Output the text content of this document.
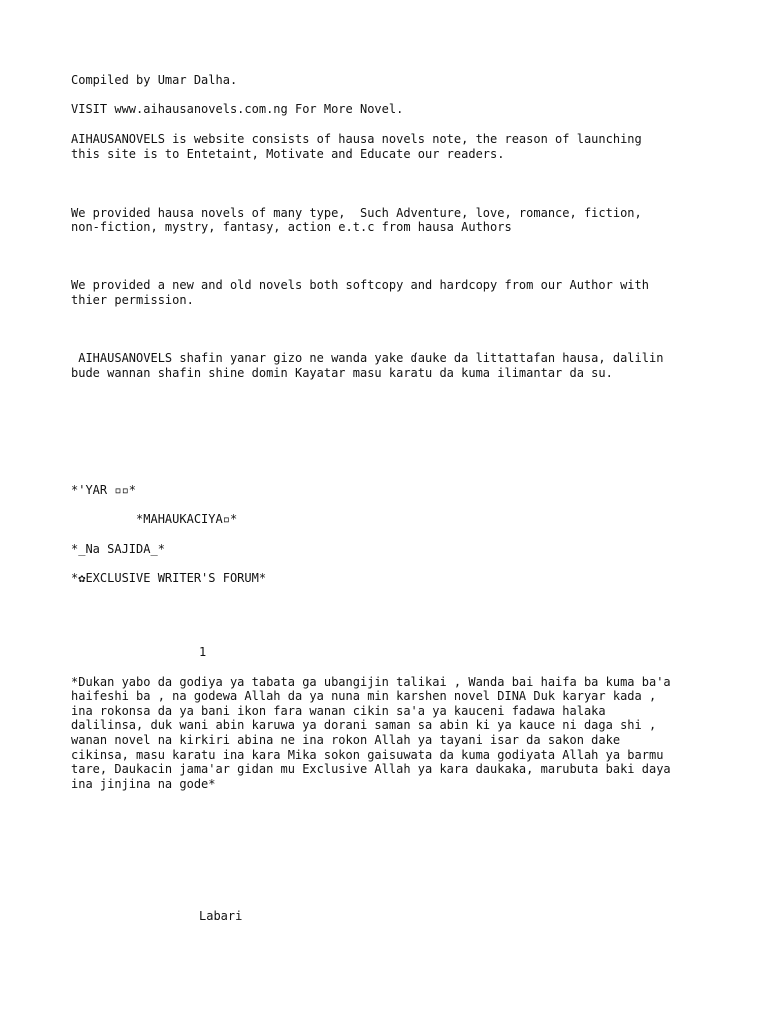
Compiled by Umar Dalha.

VISIT www.aihausanovels.com.ng For More Novel.

AIHAUSANOVELS is website consists of hausa novels note, the reason of launching

this site is to Entetaint, Motivate and Educate our readers.

We provided hausa novels of many type,  Such Adventure, love, romance, fiction,

non-fiction, mystry, fantasy, action e.t.c from hausa Authors

We provided a new and old novels both softcopy and hardcopy from our Author with

thier permission.

AIHAUSANOVELS shafin yanar gizo ne wanda yake ɗauke da littattafan hausa, dalilin

bude wannan shafin shine domin Kayatar masu karatu da kuma ilimantar da su.

*'YAR ▫▫*

*MAHAUKACIYA▫*

*_Na SAJIDA_*

*✿EXCLUSIVE WRITER'S FORUM*

1

*Dukan yabo da godiya ya tabata ga ubangijin talikai , Wanda bai haifa ba kuma ba'a

haifeshi ba , na godewa Allah da ya nuna min karshen novel DINA Duk karyar kada ,

ina rokonsa da ya bani ikon fara wanan cikin sa'a ya kauceni fadawa halaka

dalilinsa, duk wani abin karuwa ya dorani saman sa abin ki ya kauce ni daga shi ,

wanan novel na kirkiri abina ne ina rokon Allah ya tayani isar da sakon dake

cikinsa, masu karatu ina kara Mika sokon gaisuwata da kuma godiyata Allah ya barmu

tare, Daukacin jama'ar gidan mu Exclusive Allah ya kara daukaka, marubuta baki daya

ina jinjina na gode*

Labari
